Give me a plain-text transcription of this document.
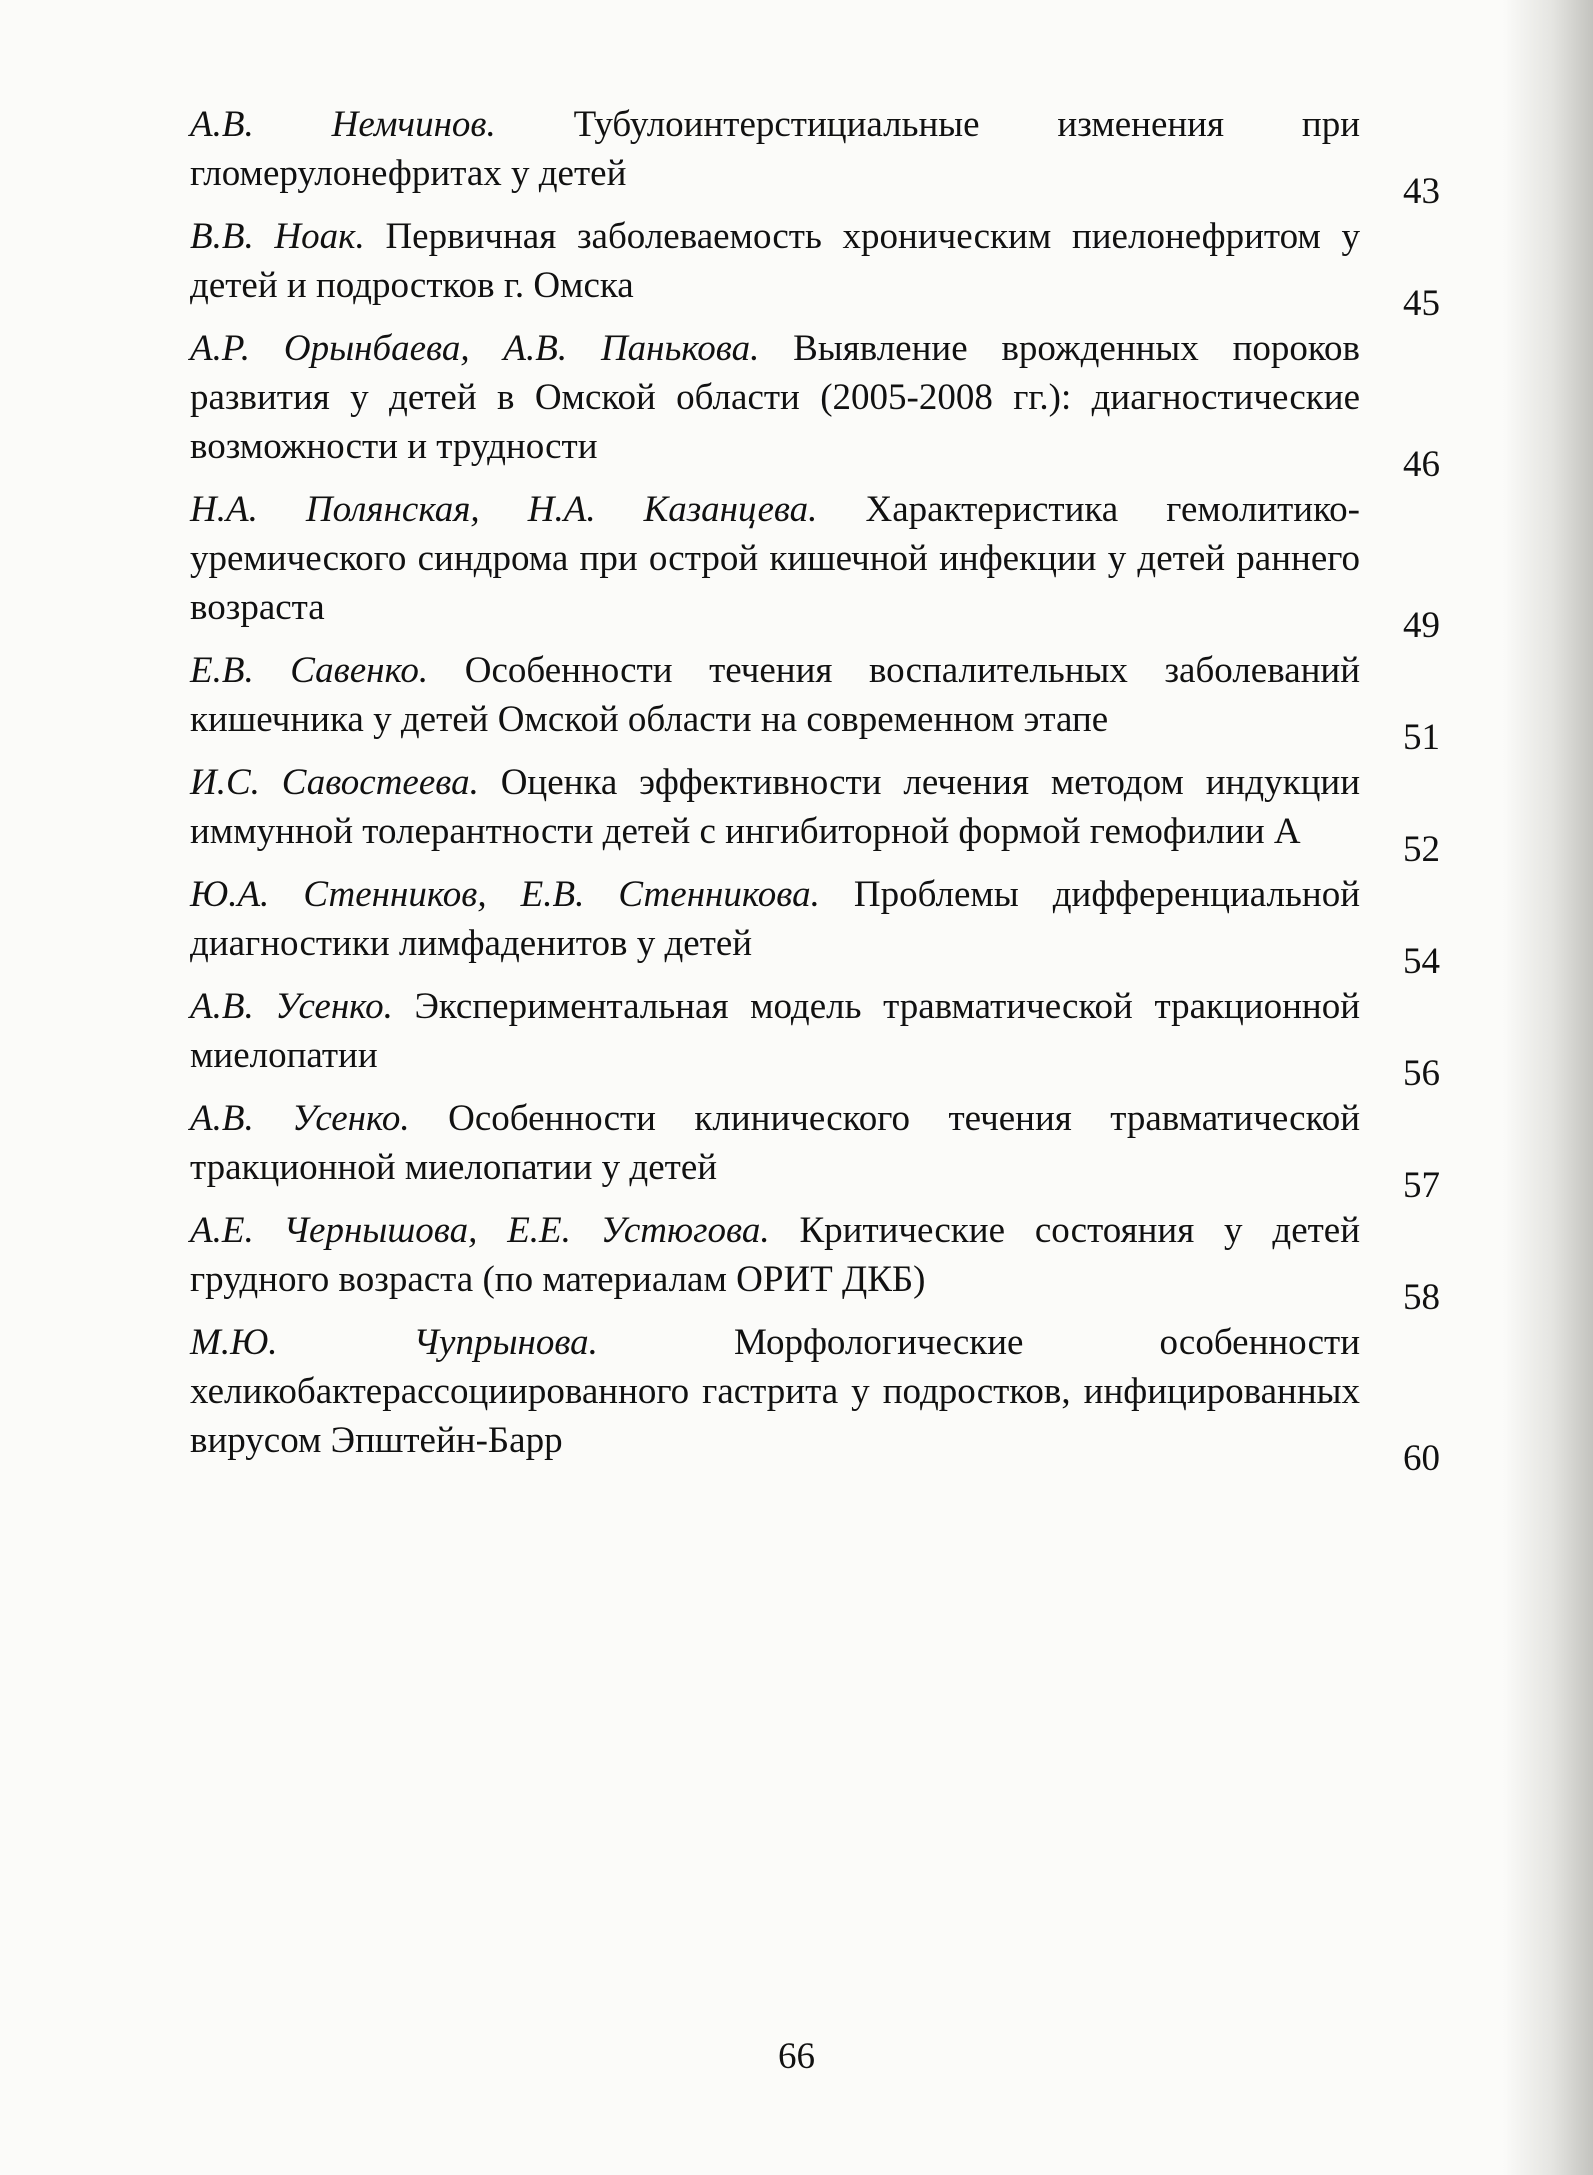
А.В. Немчинов. Тубулоинтерстициальные изменения при гломерулонефритах у детей	43
В.В. Ноак. Первичная заболеваемость хроническим пиелонефритом у детей и подростков г. Омска	45
А.Р. Орынбаева, А.В. Панькова. Выявление врожденных пороков развития у детей в Омской области (2005-2008 гг.): диагностические возможности и трудности	46
Н.А. Полянская, Н.А. Казанцева. Характеристика гемолитико-уремического синдрома при острой кишечной инфекции у детей раннего возраста	49
Е.В. Савенко. Особенности течения воспалительных заболеваний кишечника у детей Омской области на современном этапе	51
И.С. Савостеева. Оценка эффективности лечения методом индукции иммунной толерантности детей с ингибиторной формой гемофилии А	52
Ю.А. Стенников, Е.В. Стенникова. Проблемы дифференциальной диагностики лимфаденитов у детей	54
А.В. Усенко. Экспериментальная модель травматической тракционной миелопатии	56
А.В. Усенко. Особенности клинического течения травматической тракционной миелопатии у детей	57
А.Е. Чернышова, Е.Е. Устюгова. Критические состояния у детей грудного возраста (по материалам ОРИТ ДКБ)	58
М.Ю. Чупрынова.	Морфологические особенности хеликобактерассоциированного гастрита у подростков, инфицированных вирусом Эпштейн-Барр	60
66
